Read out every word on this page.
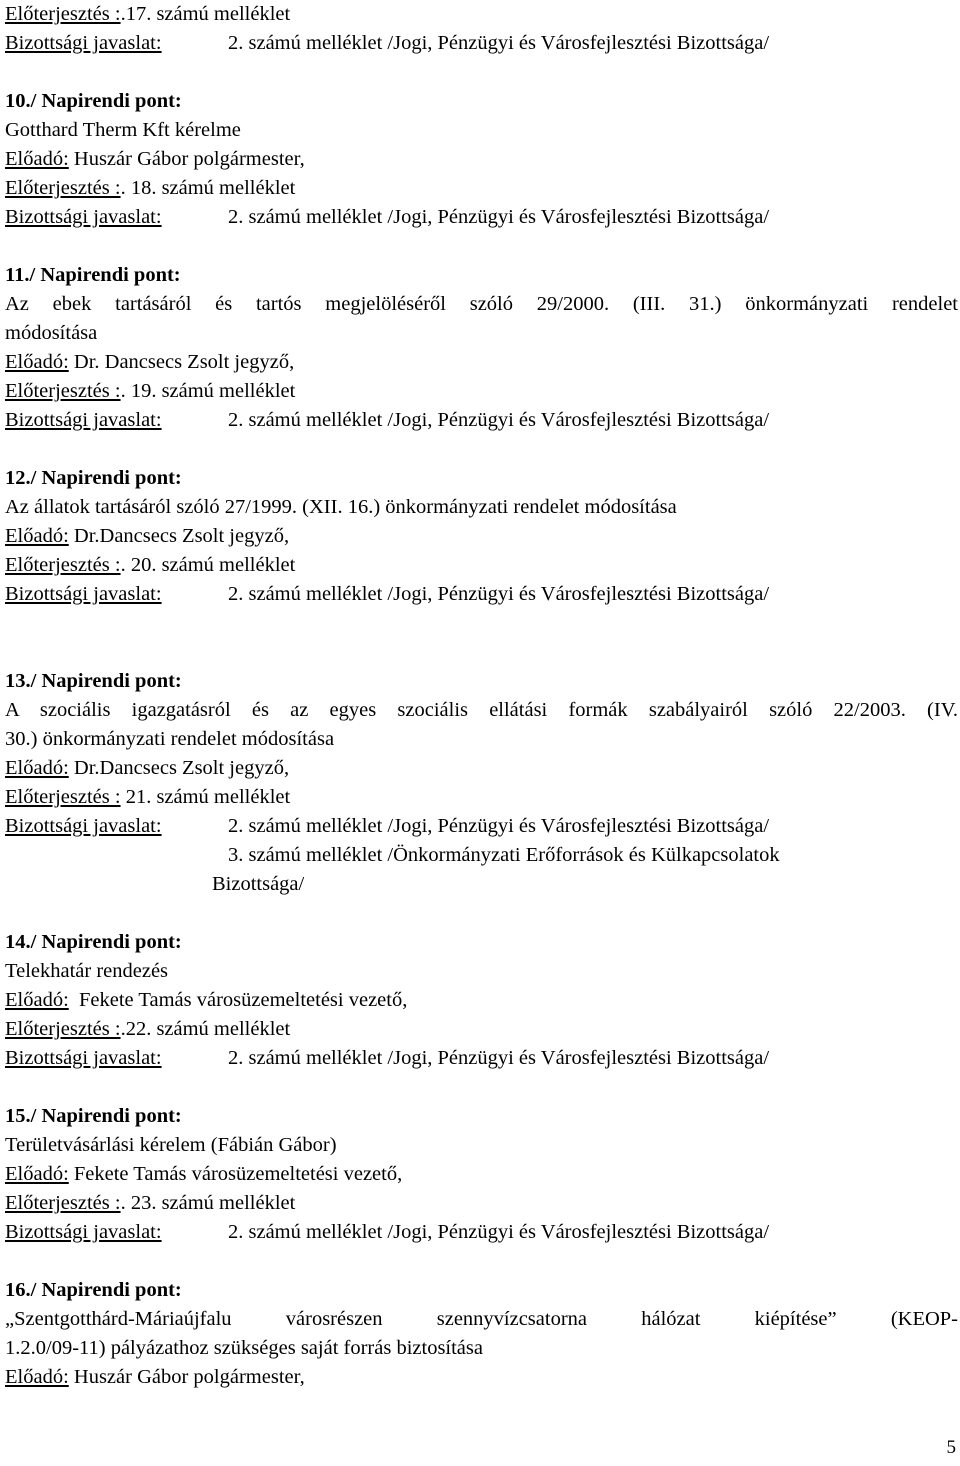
Előterjesztés :.17. számú melléklet
Bizottsági javaslat:	2. számú melléklet /Jogi, Pénzügyi és Városfejlesztési Bizottsága/
10./ Napirendi pont:
Gotthard Therm Kft kérelme
Előadó: Huszár Gábor polgármester,
Előterjesztés :. 18. számú melléklet
Bizottsági javaslat:	2. számú melléklet /Jogi, Pénzügyi és Városfejlesztési Bizottsága/
11./ Napirendi pont:
Az ebek tartásáról és tartós megjelöléséről szóló 29/2000. (III. 31.) önkormányzati rendelet
módosítása
Előadó: Dr. Dancsecs Zsolt jegyző,
Előterjesztés :. 19. számú melléklet
Bizottsági javaslat:	2. számú melléklet /Jogi, Pénzügyi és Városfejlesztési Bizottsága/
12./ Napirendi pont:
Az állatok tartásáról szóló 27/1999. (XII. 16.) önkormányzati rendelet módosítása
Előadó: Dr.Dancsecs Zsolt jegyző,
Előterjesztés :. 20. számú melléklet
Bizottsági javaslat:	2. számú melléklet /Jogi, Pénzügyi és Városfejlesztési Bizottsága/
13./ Napirendi pont:
A szociális igazgatásról és az egyes szociális ellátási formák szabályairól szóló 22/2003. (IV.
30.) önkormányzati rendelet módosítása
Előadó: Dr.Dancsecs Zsolt jegyző,
Előterjesztés : 21. számú melléklet
Bizottsági javaslat:	2. számú melléklet /Jogi, Pénzügyi és Városfejlesztési Bizottsága/
3. számú melléklet /Önkormányzati Erőforrások és Külkapcsolatok
Bizottsága/
14./ Napirendi pont:
Telekhatár rendezés
Előadó: Fekete Tamás városüzemeltetési vezető,
Előterjesztés :.22. számú melléklet
Bizottsági javaslat:	2. számú melléklet /Jogi, Pénzügyi és Városfejlesztési Bizottsága/
15./ Napirendi pont:
Területvásárlási kérelem (Fábián Gábor)
Előadó: Fekete Tamás városüzemeltetési vezető,
Előterjesztés :. 23. számú melléklet
Bizottsági javaslat:	2. számú melléklet /Jogi, Pénzügyi és Városfejlesztési Bizottsága/
16./ Napirendi pont:
„Szentgotthárd-Máriaújfalu városrészen szennyvízcsatorna hálózat kiépítése” (KEOP-
1.2.0/09-11) pályázathoz szükséges saját forrás biztosítása
Előadó: Huszár Gábor polgármester,
5
